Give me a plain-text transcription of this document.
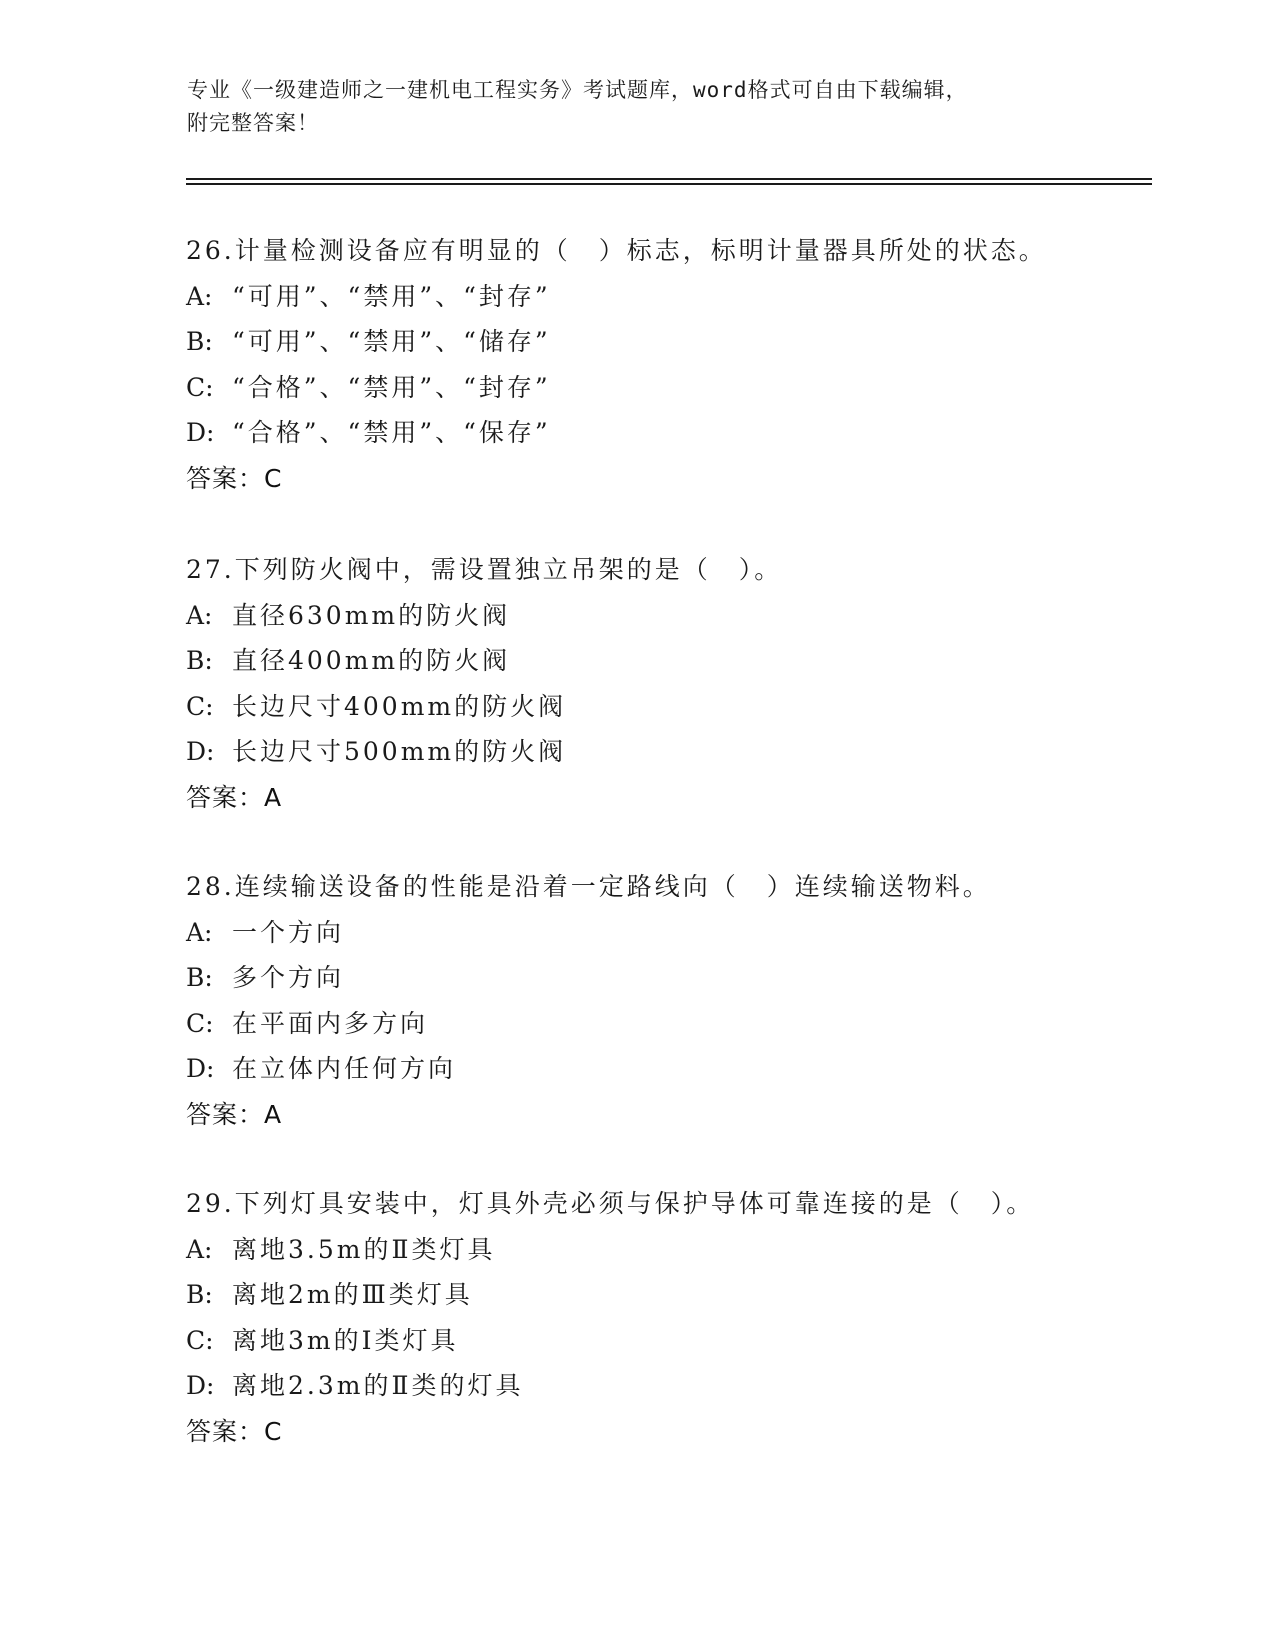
专业《一级建造师之一建机电工程实务》考试题库，word格式可自由下载编辑，
附完整答案！
26.计量检测设备应有明显的（　）标志，标明计量器具所处的状态。
A: “可用”、“禁用”、“封存”
B: “可用”、“禁用”、“储存”
C: “合格”、“禁用”、“封存”
D: “合格”、“禁用”、“保存”
答案：C
27.下列防火阀中，需设置独立吊架的是（　）。
A: 直径630mm的防火阀
B: 直径400mm的防火阀
C: 长边尺寸400mm的防火阀
D: 长边尺寸500mm的防火阀
答案：A
28.连续输送设备的性能是沿着一定路线向（　）连续输送物料。
A: 一个方向
B: 多个方向
C: 在平面内多方向
D: 在立体内任何方向
答案：A
29.下列灯具安装中，灯具外壳必须与保护导体可靠连接的是（　）。
A: 离地3.5m的Ⅱ类灯具
B: 离地2m的Ⅲ类灯具
C: 离地3m的Ⅰ类灯具
D: 离地2.3m的Ⅱ类的灯具
答案：C
